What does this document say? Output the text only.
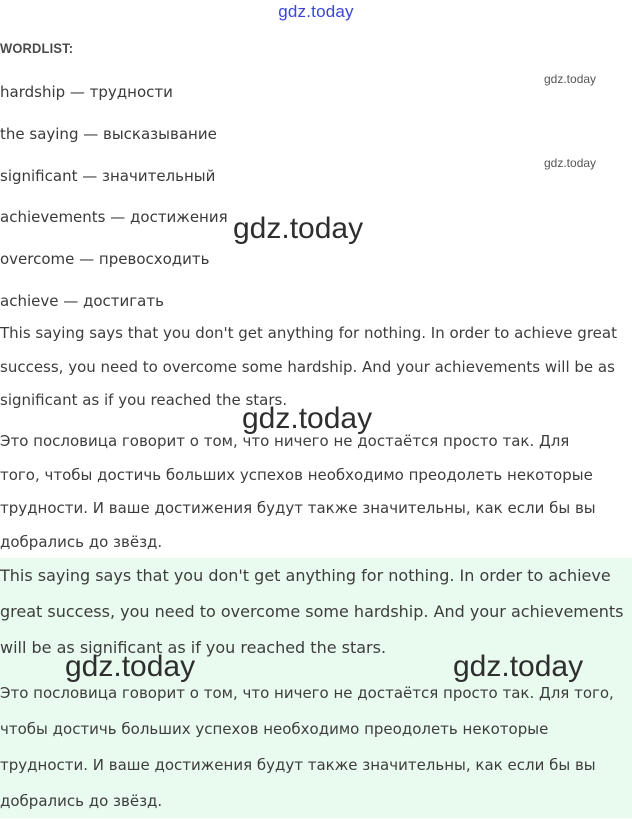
gdz.today
WORDLIST:
hardship — трудности
the saying — высказывание
significant — значительный
achievements — достижения
overcome — превосходить
achieve — достигать
gdz.today
gdz.today

This saying says that you don't get anything for nothing. In order to achieve great success, you need to overcome some hardship. And your achievements will be as significant as if you reached the stars.

Это пословица говорит о том, что ничего не достаётся просто так. Для того, чтобы достичь больших успехов необходимо преодолеть некоторые трудности. И ваше достижения будут также значительны, как если бы вы добрались до звёзд.

This saying says that you don't get anything for nothing. In order to achieve great success, you need to overcome some hardship. And your achievements will be as significant as if you reached the stars.

Это пословица говорит о том, что ничего не достаётся просто так. Для того, чтобы достичь больших успехов необходимо преодолеть некоторые трудности. И ваше достижения будут также значительны, как если бы вы добрались до звёзд.

gdz.today
gdz.today
gdz.today	gdz.today
